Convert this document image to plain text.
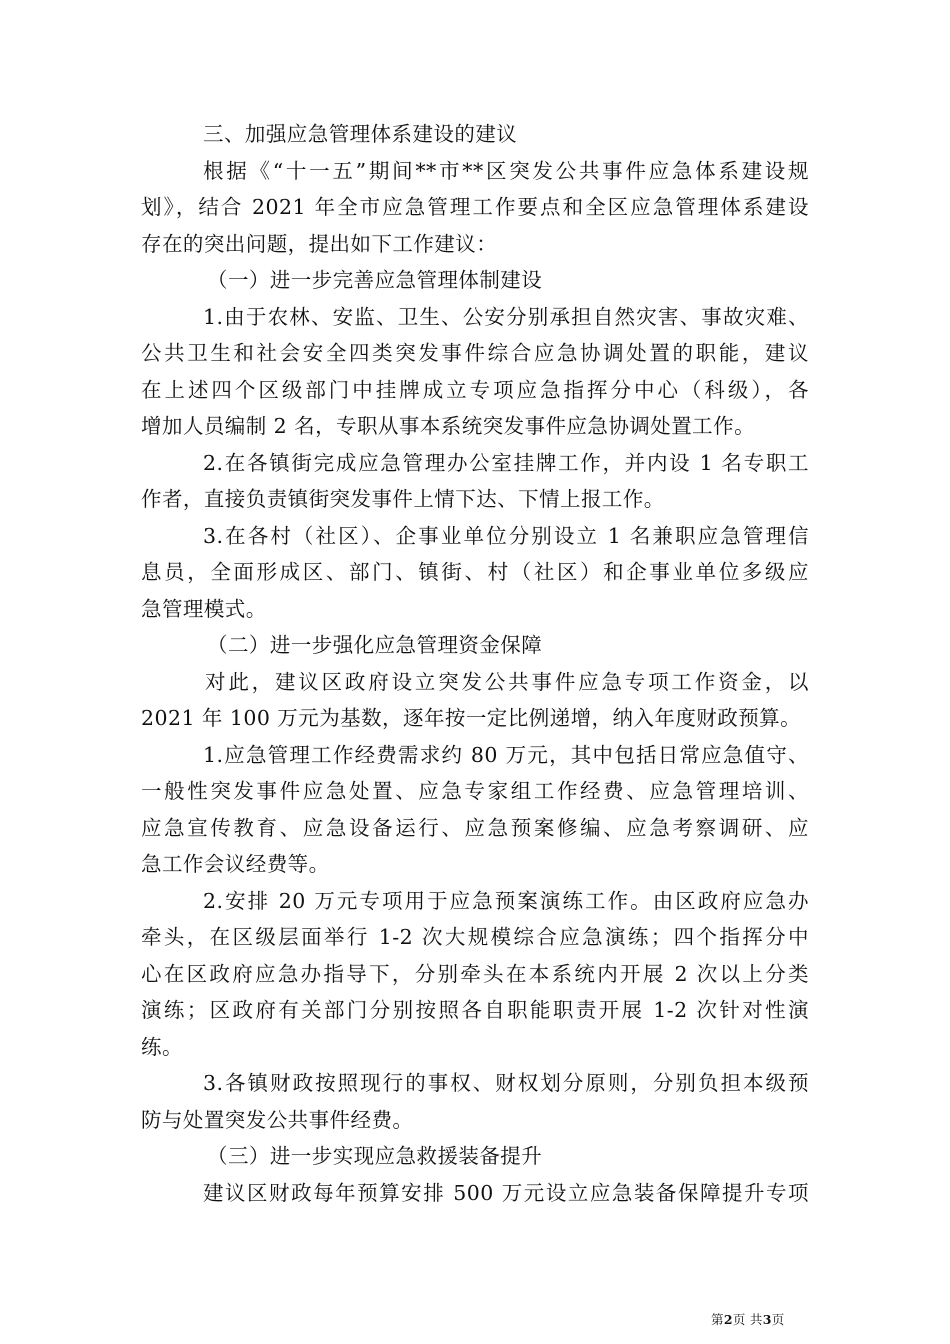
三、加强应急管理体系建设的建议
根据《“十一五”期间**市**区突发公共事件应急体系建设规
划》，结合 2021 年全市应急管理工作要点和全区应急管理体系建设
存在的突出问题，提出如下工作建议：
（一）进一步完善应急管理体制建设
1.由于农林、安监、卫生、公安分别承担自然灾害、事故灾难、
公共卫生和社会安全四类突发事件综合应急协调处置的职能，建议
在上述四个区级部门中挂牌成立专项应急指挥分中心（科级），各
增加人员编制 2 名，专职从事本系统突发事件应急协调处置工作。
2.在各镇街完成应急管理办公室挂牌工作，并内设 1 名专职工
作者，直接负责镇街突发事件上情下达、下情上报工作。
3.在各村（社区）、企事业单位分别设立 1 名兼职应急管理信
息员，全面形成区、部门、镇街、村（社区）和企事业单位多级应
急管理模式。
（二）进一步强化应急管理资金保障
对此，建议区政府设立突发公共事件应急专项工作资金，以
2021 年 100 万元为基数，逐年按一定比例递增，纳入年度财政预算。
1.应急管理工作经费需求约 80 万元，其中包括日常应急值守、
一般性突发事件应急处置、应急专家组工作经费、应急管理培训、
应急宣传教育、应急设备运行、应急预案修编、应急考察调研、应
急工作会议经费等。
2.安排 20 万元专项用于应急预案演练工作。由区政府应急办
牵头，在区级层面举行 1-2 次大规模综合应急演练；四个指挥分中
心在区政府应急办指导下，分别牵头在本系统内开展 2 次以上分类
演练；区政府有关部门分别按照各自职能职责开展 1-2 次针对性演
练。
3.各镇财政按照现行的事权、财权划分原则，分别负担本级预
防与处置突发公共事件经费。
（三）进一步实现应急救援装备提升
建议区财政每年预算安排 500 万元设立应急装备保障提升专项
第2页 共3页
